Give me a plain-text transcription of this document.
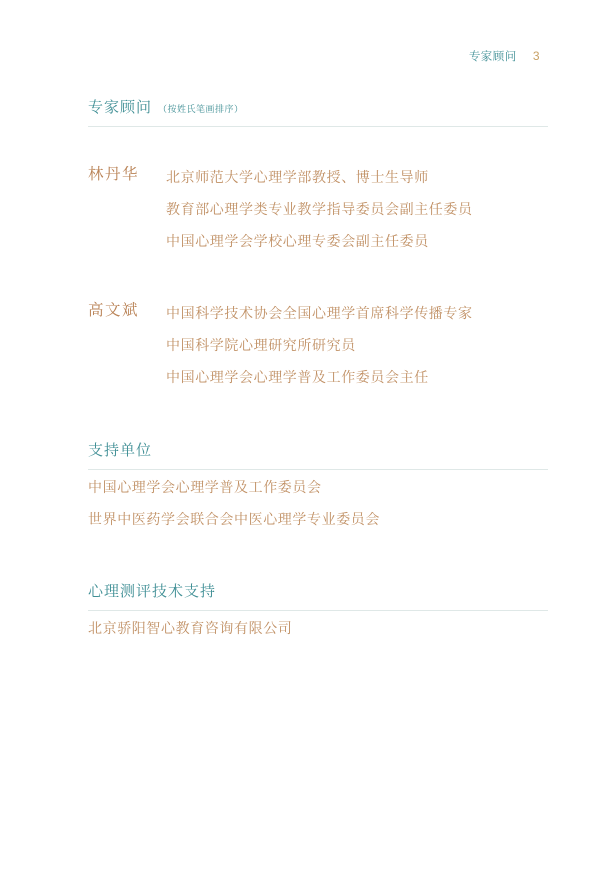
专家顾问 3
专家顾问 （按姓氏笔画排序）
林丹华	北京师范大学心理学部教授、博士生导师
教育部心理学类专业教学指导委员会副主任委员
中国心理学会学校心理专委会副主任委员
高文斌	中国科学技术协会全国心理学首席科学传播专家
中国科学院心理研究所研究员
中国心理学会心理学普及工作委员会主任
支持单位
中国心理学会心理学普及工作委员会
世界中医药学会联合会中医心理学专业委员会
心理测评技术支持
北京骄阳智心教育咨询有限公司
